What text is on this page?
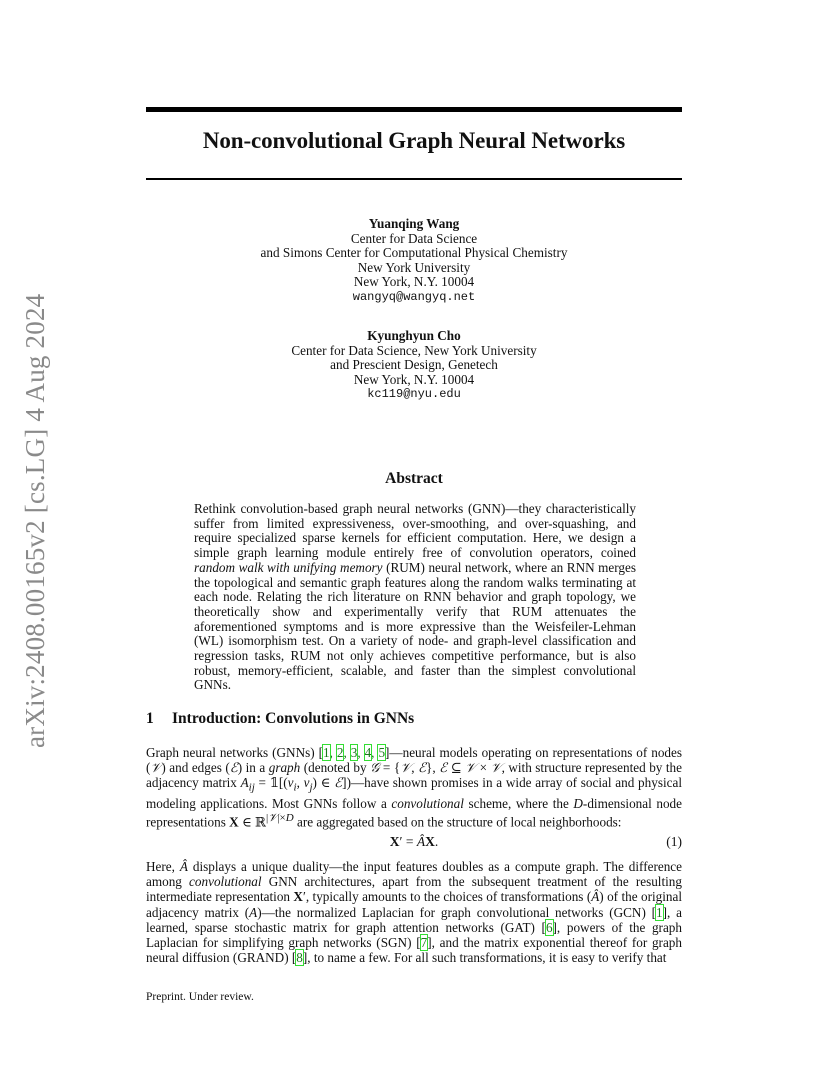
arXiv:2408.00165v2 [cs.LG] 4 Aug 2024
Non-convolutional Graph Neural Networks
Yuanqing Wang
Center for Data Science
and Simons Center for Computational Physical Chemistry
New York University
New York, N.Y. 10004
wangyq@wangyq.net
Kyunghyun Cho
Center for Data Science, New York University
and Prescient Design, Genetech
New York, N.Y. 10004
kc119@nyu.edu
Abstract
Rethink convolution-based graph neural networks (GNN)—they characteristically suffer from limited expressiveness, over-smoothing, and over-squashing, and require specialized sparse kernels for efficient computation. Here, we design a simple graph learning module entirely free of convolution operators, coined random walk with unifying memory (RUM) neural network, where an RNN merges the topological and semantic graph features along the random walks terminating at each node. Relating the rich literature on RNN behavior and graph topology, we theoretically show and experimentally verify that RUM attenuates the aforementioned symptoms and is more expressive than the Weisfeiler-Lehman (WL) isomorphism test. On a variety of node- and graph-level classification and regression tasks, RUM not only achieves competitive performance, but is also robust, memory-efficient, scalable, and faster than the simplest convolutional GNNs.
1 Introduction: Convolutions in GNNs
Graph neural networks (GNNs) [1, 2, 3, 4, 5]—neural models operating on representations of nodes (𝒱) and edges (ℰ) in a graph (denoted by 𝒢 = {𝒱, ℰ}, ℰ ⊆ 𝒱 × 𝒱, with structure represented by the adjacency matrix $A_{ij}$ = $𝟙[(v_i$, $v_j$) ∈ ℰ])—have shown promises in a wide array of social and physical modeling applications. Most GNNs follow a convolutional scheme, where the D-dimensional node representations X ∈ ℝ$^{|𝒱|\times D}$ are aggregated based on the structure of local neighborhoods:
X′ = ÂX.	(1)
Here, Â displays a unique duality—the input features doubles as a compute graph. The difference among convolutional GNN architectures, apart from the subsequent treatment of the resulting intermediate representation X′, typically amounts to the choices of transformations (Â) of the original adjacency matrix (A)—the normalized Laplacian for graph convolutional networks (GCN) [1], a learned, sparse stochastic matrix for graph attention networks (GAT) [6], powers of the graph Laplacian for simplifying graph networks (SGN) [7], and the matrix exponential thereof for graph neural diffusion (GRAND) [8], to name a few. For all such transformations, it is easy to verify that
Preprint. Under review.
